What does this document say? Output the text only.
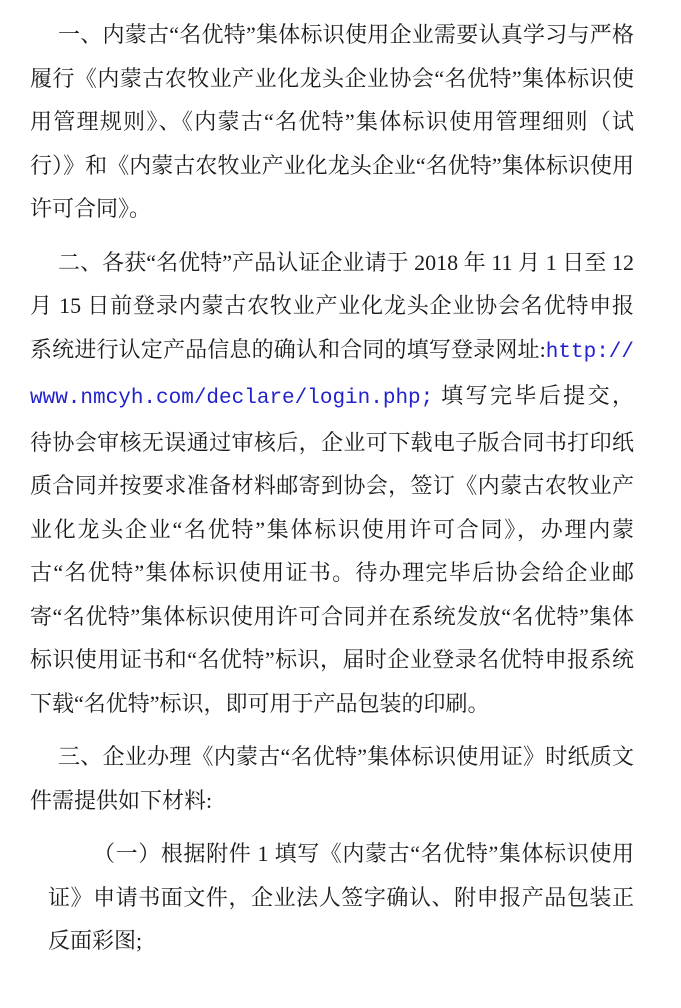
一、内蒙古“名优特”集体标识使用企业需要认真学习与严格履行《内蒙古农牧业产业化龙头企业协会“名优特”集体标识使用管理规则》、《内蒙古“名优特”集体标识使用管理细则（试行）》和《内蒙古农牧业产业化龙头企业“名优特”集体标识使用许可合同》。

二、各获“名优特”产品认证企业请于 2018 年 11 月 1 日至 12 月 15 日前登录内蒙古农牧业产业化龙头企业协会名优特申报系统进行认定产品信息的确认和合同的填写登录网址:http://www.nmcyh.com/declare/login.php; 填写完毕后提交，待协会审核无误通过审核后，企业可下载电子版合同书打印纸质合同并按要求准备材料邮寄到协会，签订《内蒙古农牧业产业化龙头企业“名优特”集体标识使用许可合同》，办理内蒙古“名优特”集体标识使用证书。待办理完毕后协会给企业邮寄“名优特”集体标识使用许可合同并在系统发放“名优特”集体标识使用证书和“名优特”标识，届时企业登录名优特申报系统下载“名优特”标识，即可用于产品包装的印刷。

三、企业办理《内蒙古“名优特”集体标识使用证》时纸质文件需提供如下材料:

（一）根据附件 1 填写《内蒙古“名优特”集体标识使用证》申请书面文件，企业法人签字确认、附申报产品包装正反面彩图;
